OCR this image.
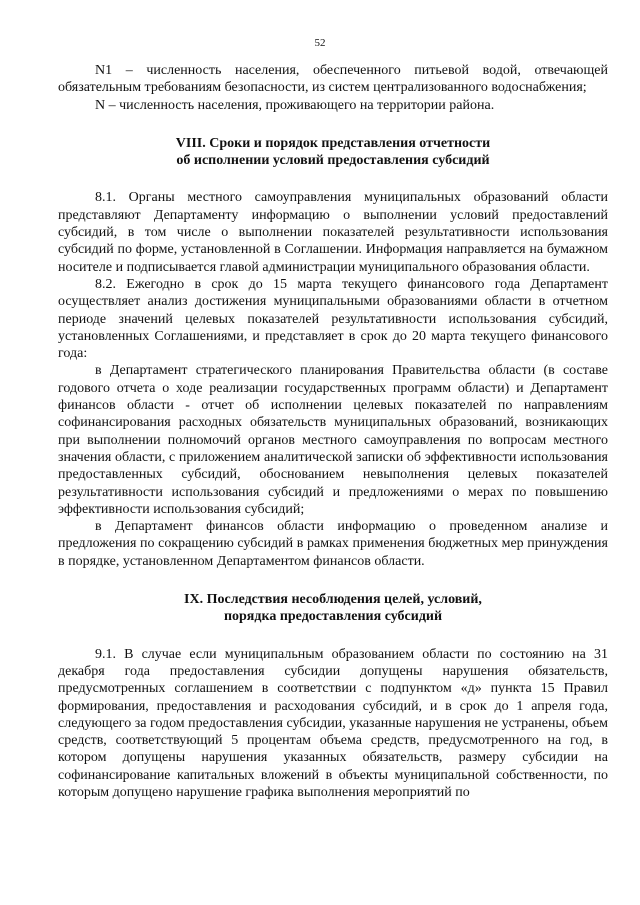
52

N1 – численность населения, обеспеченного питьевой водой, отвечающей обязательным требованиям безопасности, из систем централизованного водоснабжения;

N – численность населения, проживающего на территории района.

VIII. Сроки и порядок представления отчетности

об исполнении условий предоставления субсидий

8.1. Органы местного самоуправления муниципальных образований области представляют Департаменту информацию о выполнении условий предоставлений субсидий, в том числе о выполнении показателей результативности использования субсидий по форме, установленной в Соглашении. Информация направляется на бумажном носителе и подписывается главой администрации муниципального образования области.

8.2. Ежегодно в срок до 15 марта текущего финансового года Департамент осуществляет анализ достижения муниципальными образованиями области в отчетном периоде значений целевых показателей результативности использования субсидий, установленных Соглашениями, и представляет в срок до 20 марта текущего финансового года:

в Департамент стратегического планирования Правительства области (в составе годового отчета о ходе реализации государственных программ области) и Департамент финансов области - отчет об исполнении целевых показателей по направлениям софинансирования расходных обязательств муниципальных образований, возникающих при выполнении полномочий органов местного самоуправления по вопросам местного значения области, с приложением аналитической записки об эффективности использования предоставленных субсидий, обоснованием невыполнения целевых показателей результативности использования субсидий и предложениями о мерах по повышению эффективности использования субсидий;

в Департамент финансов области информацию о проведенном анализе и предложения по сокращению субсидий в рамках применения бюджетных мер принуждения в порядке, установленном Департаментом финансов области.

IX. Последствия несоблюдения целей, условий,

порядка предоставления субсидий

9.1. В случае если муниципальным образованием области по состоянию на 31 декабря года предоставления субсидии допущены нарушения обязательств, предусмотренных соглашением в соответствии с подпунктом «д» пункта 15 Правил формирования, предоставления и расходования субсидий, и в срок до 1 апреля года, следующего за годом предоставления субсидии, указанные нарушения не устранены, объем средств, соответствующий 5 процентам объема средств, предусмотренного на год, в котором допущены нарушения указанных обязательств, размеру субсидии на софинансирование капитальных вложений в объекты муниципальной собственности, по которым допущено нарушение графика выполнения мероприятий по
